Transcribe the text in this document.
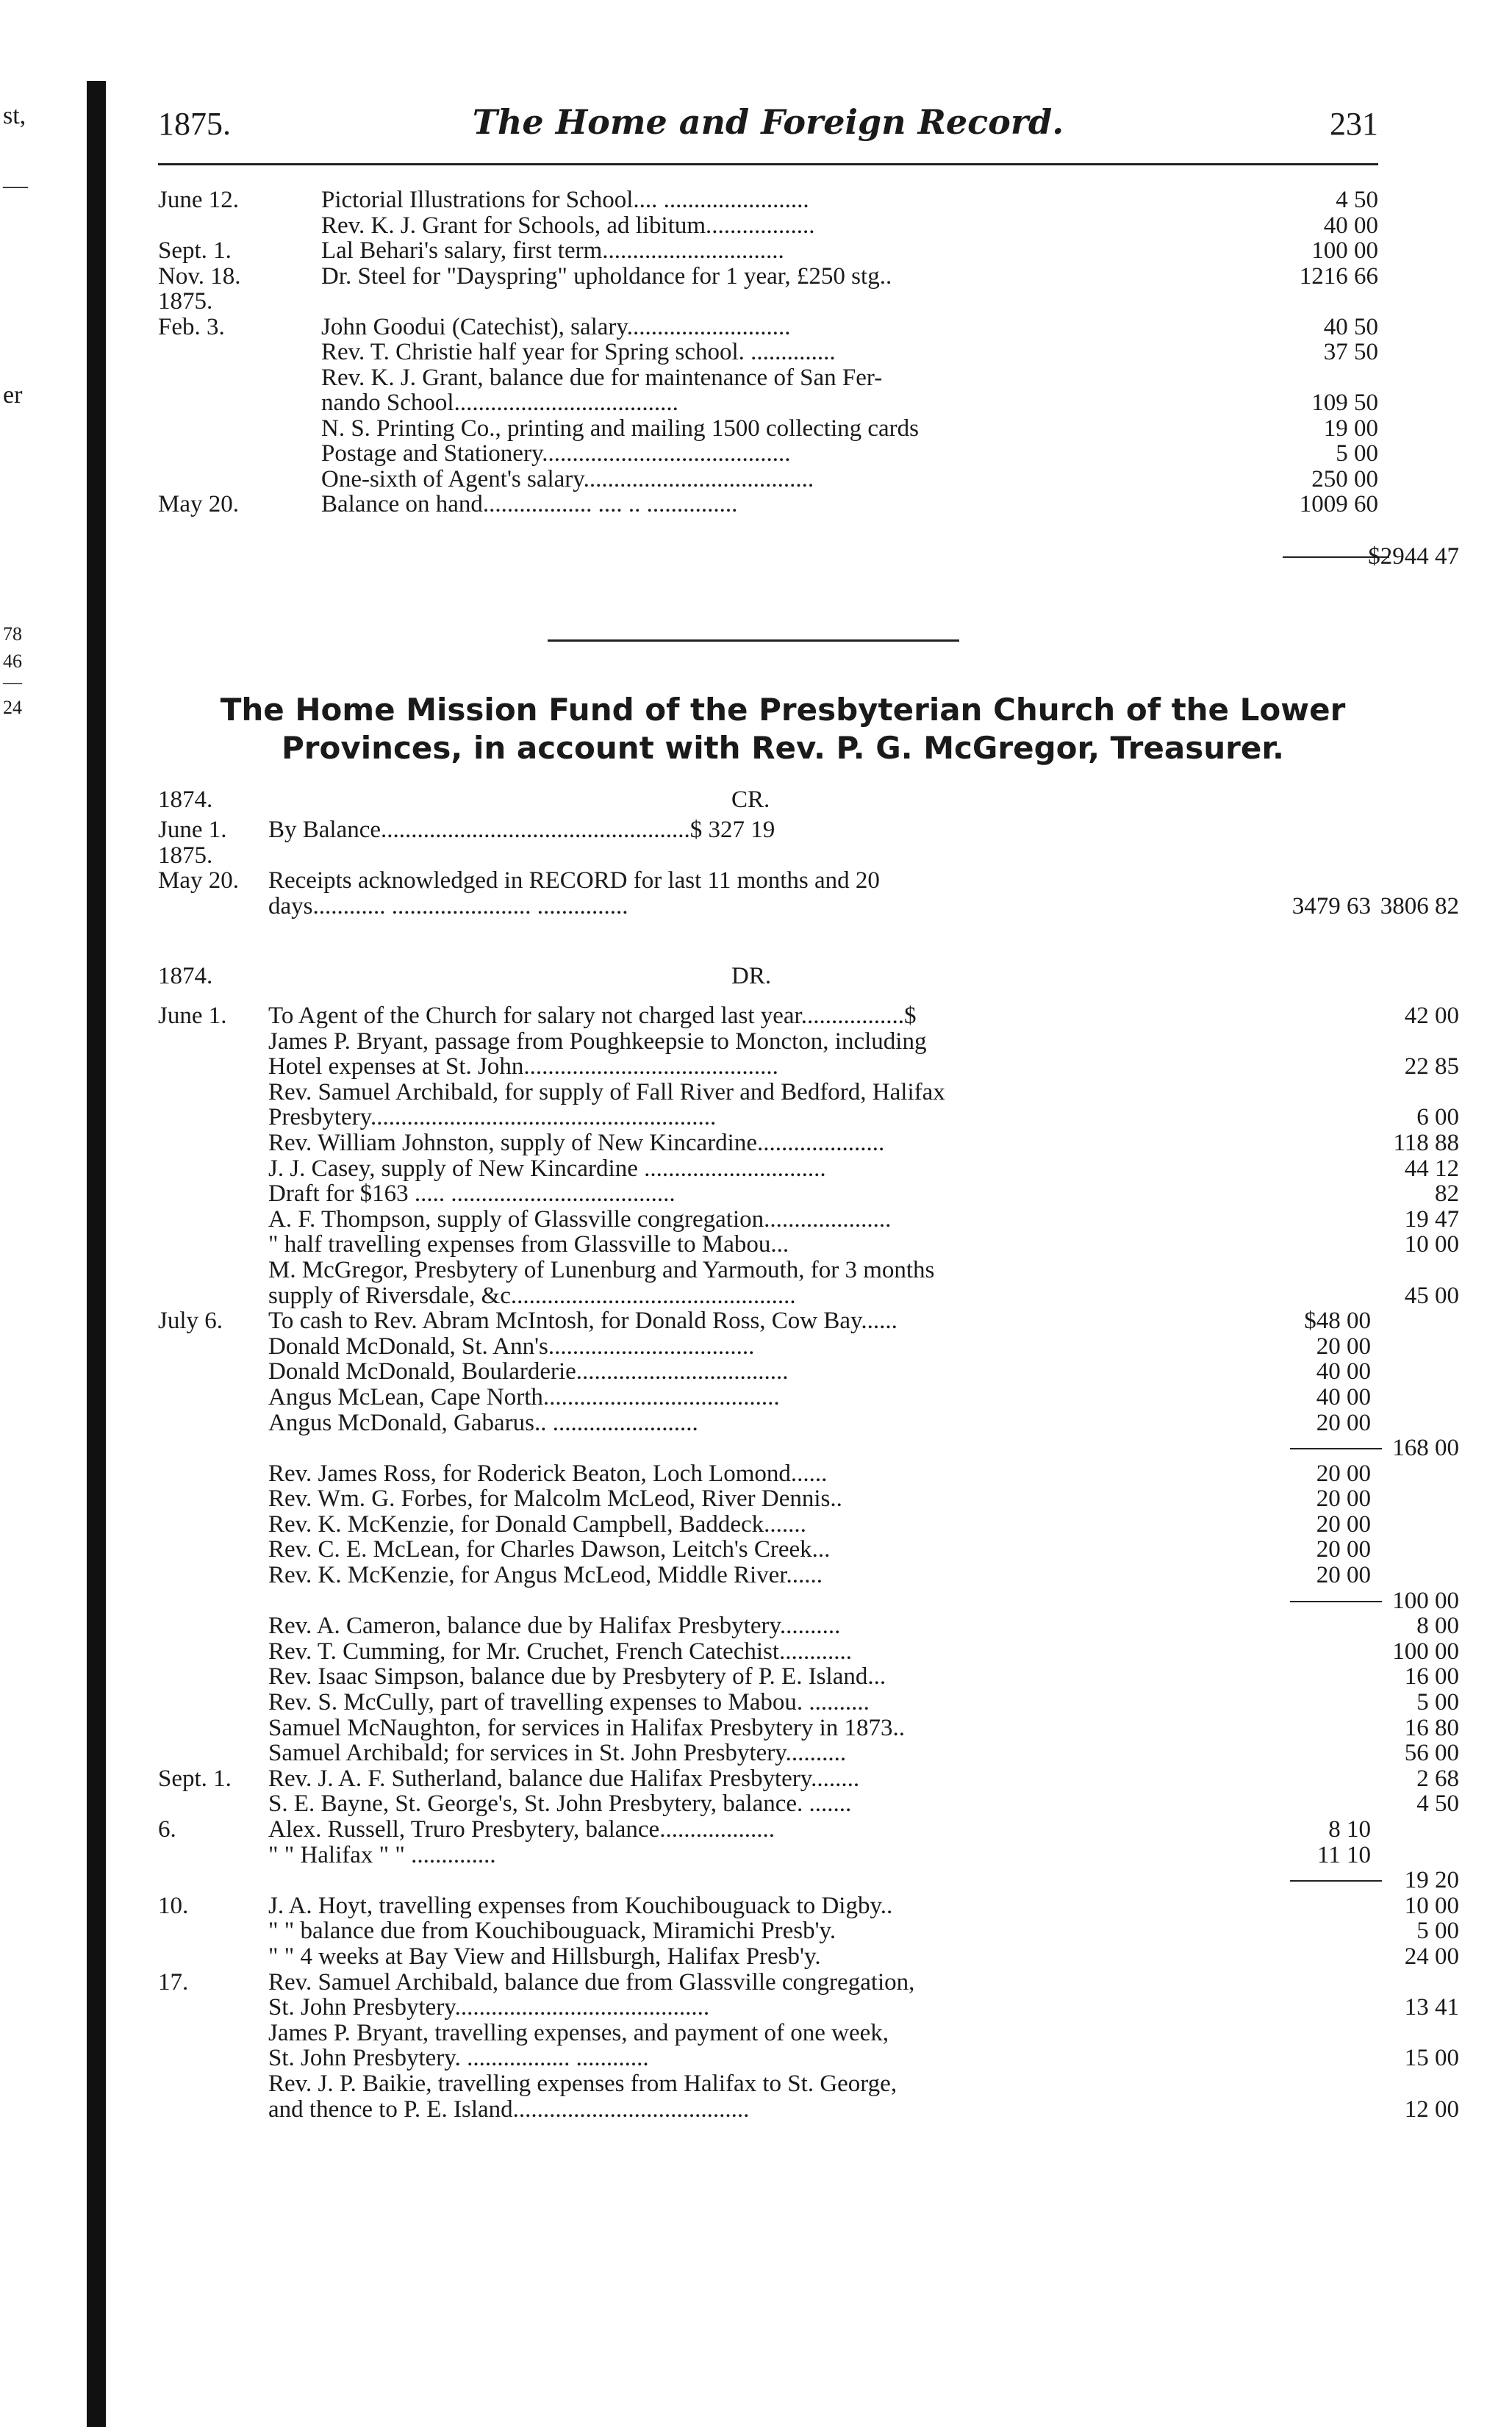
st,
—
er
78
46
—
24
1875.	The Home and Foreign Record.	231
June 12.	Pictorial Illustrations for School.... ........................	4 50
Rev. K. J. Grant for Schools, ad libitum..................	40 00
Sept. 1.	Lal Behari's salary, first term..............................	100 00
Nov. 18.	Dr. Steel for "Dayspring" upholdance for 1 year, £250 stg..	1216 66
1875.
Feb. 3.	John Goodui (Catechist), salary...........................	40 50
Rev. T. Christie half year for Spring school. ..............	37 50
Rev. K. J. Grant, balance due for maintenance of San Fer-
nando School.....................................	109 50
N. S. Printing Co., printing and mailing 1500 collecting cards	19 00
Postage and Stationery.........................................	5 00
One-sixth of Agent's salary......................................	250 00
May 20.	Balance on hand.................. .... .. ...............	1009 60
$2944 47
The Home Mission Fund of the Presbyterian Church of the Lower
Provinces, in account with Rev. P. G. McGregor, Treasurer.
1874.	CR.
June 1.	By Balance...................................................$ 327 19
1875.
May 20.	Receipts acknowledged in RECORD for last 11 months and 20
days............ ....................... ...............	3479 63 3806 82
1874.	DR.
June 1.	To Agent of the Church for salary not charged last year.................$	42 00
James P. Bryant, passage from Poughkeepsie to Moncton, including
Hotel expenses at St. John..........................................	22 85
Rev. Samuel Archibald, for supply of Fall River and Bedford, Halifax
Presbytery.........................................................	6 00
Rev. William Johnston, supply of New Kincardine.....................	118 88
J. J. Casey, supply of New Kincardine ..............................	44 12
Draft for $163 ..... .....................................	82
A. F. Thompson, supply of Glassville congregation.....................	19 47
" half travelling expenses from Glassville to Mabou...	10 00
M. McGregor, Presbytery of Lunenburg and Yarmouth, for 3 months
supply of Riversdale, &c...............................................	45 00
July 6.	To cash to Rev. Abram McIntosh, for Donald Ross, Cow Bay......	$48 00
Donald McDonald, St. Ann's..................................	20 00
Donald McDonald, Boularderie...................................	40 00
Angus McLean, Cape North.......................................	40 00
Angus McDonald, Gabarus.. ........................	20 00
168 00
Rev. James Ross, for Roderick Beaton, Loch Lomond......	20 00
Rev. Wm. G. Forbes, for Malcolm McLeod, River Dennis..	20 00
Rev. K. McKenzie, for Donald Campbell, Baddeck.......	20 00
Rev. C. E. McLean, for Charles Dawson, Leitch's Creek...	20 00
Rev. K. McKenzie, for Angus McLeod, Middle River......	20 00
100 00
Rev. A. Cameron, balance due by Halifax Presbytery..........	8 00
Rev. T. Cumming, for Mr. Cruchet, French Catechist............	100 00
Rev. Isaac Simpson, balance due by Presbytery of P. E. Island...	16 00
Rev. S. McCully, part of travelling expenses to Mabou. ..........	5 00
Samuel McNaughton, for services in Halifax Presbytery in 1873..	16 80
Samuel Archibald; for services in St. John Presbytery..........	56 00
Sept. 1.	Rev. J. A. F. Sutherland, balance due Halifax Presbytery........	2 68
S. E. Bayne, St. George's, St. John Presbytery, balance. .......	4 50
6.	Alex. Russell, Truro Presbytery, balance...................	8 10
" " Halifax " " ..............	11 10
19 20
10.	J. A. Hoyt, travelling expenses from Kouchibouguack to Digby..	10 00
" " balance due from Kouchibouguack, Miramichi Presb'y.	5 00
" " 4 weeks at Bay View and Hillsburgh, Halifax Presb'y.	24 00
17.	Rev. Samuel Archibald, balance due from Glassville congregation,
St. John Presbytery..........................................	13 41
James P. Bryant, travelling expenses, and payment of one week,
St. John Presbytery. ................. ............	15 00
Rev. J. P. Baikie, travelling expenses from Halifax to St. George,
and thence to P. E. Island.......................................	12 00
